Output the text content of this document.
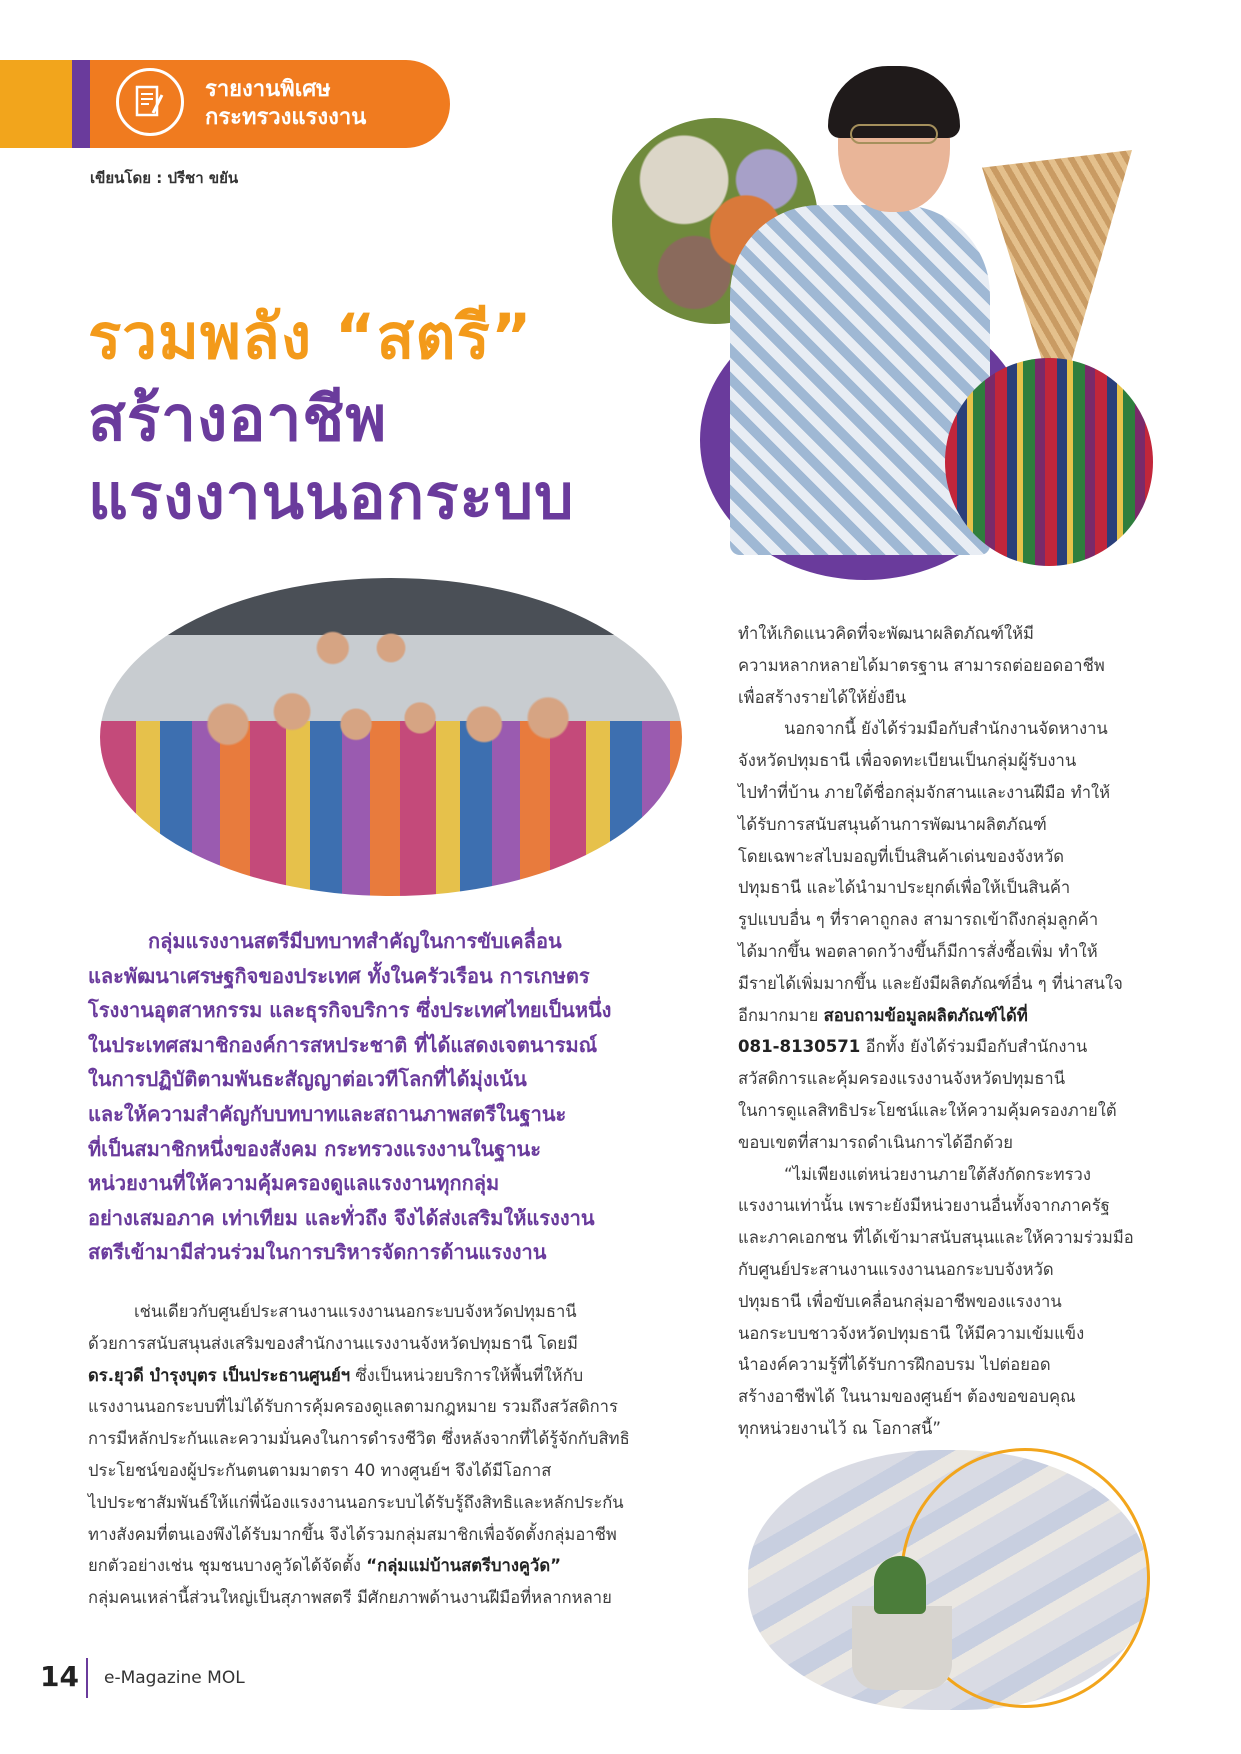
รายงานพิเศษ
กระทรวงแรงงาน
เขียนโดย : ปรีชา ขยัน
รวมพลัง “สตรี”
สร้างอาชีพ
แรงงานนอกระบบ
กลุ่มแรงงานสตรีมีบทบาทสำคัญในการขับเคลื่อน
และพัฒนาเศรษฐกิจของประเทศ ทั้งในครัวเรือน การเกษตร
โรงงานอุตสาหกรรม และธุรกิจบริการ ซึ่งประเทศไทยเป็นหนึ่ง
ในประเทศสมาชิกองค์การสหประชาติ ที่ได้แสดงเจตนารมณ์
ในการปฏิบัติตามพันธะสัญญาต่อเวทีโลกที่ได้มุ่งเน้น
และให้ความสำคัญกับบทบาทและสถานภาพสตรีในฐานะ
ที่เป็นสมาชิกหนึ่งของสังคม กระทรวงแรงงานในฐานะ
หน่วยงานที่ให้ความคุ้มครองดูแลแรงงานทุกกลุ่ม
อย่างเสมอภาค เท่าเทียม และทั่วถึง จึงได้ส่งเสริมให้แรงงาน
สตรีเข้ามามีส่วนร่วมในการบริหารจัดการด้านแรงงาน
เช่นเดียวกับศูนย์ประสานงานแรงงานนอกระบบจังหวัดปทุมธานี
ด้วยการสนับสนุนส่งเสริมของสำนักงานแรงงานจังหวัดปทุมธานี โดยมี
ดร.ยุวดี บำรุงบุตร เป็นประธานศูนย์ฯ ซึ่งเป็นหน่วยบริการให้พื้นที่ให้กับ
แรงงานนอกระบบที่ไม่ได้รับการคุ้มครองดูแลตามกฎหมาย รวมถึงสวัสดิการ
การมีหลักประกันและความมั่นคงในการดำรงชีวิต ซึ่งหลังจากที่ได้รู้จักกับสิทธิ
ประโยชน์ของผู้ประกันตนตามมาตรา 40 ทางศูนย์ฯ จึงได้มีโอกาส
ไปประชาสัมพันธ์ให้แก่พี่น้องแรงงานนอกระบบได้รับรู้ถึงสิทธิและหลักประกัน
ทางสังคมที่ตนเองพึงได้รับมากขึ้น จึงได้รวมกลุ่มสมาชิกเพื่อจัดตั้งกลุ่มอาชีพ
ยกตัวอย่างเช่น ชุมชนบางคูวัดได้จัดตั้ง “กลุ่มแม่บ้านสตรีบางคูวัด”
กลุ่มคนเหล่านี้ส่วนใหญ่เป็นสุภาพสตรี มีศักยภาพด้านงานฝีมือที่หลากหลาย
ทำให้เกิดแนวคิดที่จะพัฒนาผลิตภัณฑ์ให้มี
ความหลากหลายได้มาตรฐาน สามารถต่อยอดอาชีพ
เพื่อสร้างรายได้ให้ยั่งยืน
นอกจากนี้ ยังได้ร่วมมือกับสำนักงานจัดหางาน
จังหวัดปทุมธานี เพื่อจดทะเบียนเป็นกลุ่มผู้รับงาน
ไปทำที่บ้าน ภายใต้ชื่อกลุ่มจักสานและงานฝีมือ ทำให้
ได้รับการสนับสนุนด้านการพัฒนาผลิตภัณฑ์
โดยเฉพาะสไบมอญที่เป็นสินค้าเด่นของจังหวัด
ปทุมธานี และได้นำมาประยุกต์เพื่อให้เป็นสินค้า
รูปแบบอื่น ๆ ที่ราคาถูกลง สามารถเข้าถึงกลุ่มลูกค้า
ได้มากขึ้น พอตลาดกว้างขึ้นก็มีการสั่งซื้อเพิ่ม ทำให้
มีรายได้เพิ่มมากขึ้น และยังมีผลิตภัณฑ์อื่น ๆ ที่น่าสนใจ
อีกมากมาย สอบถามข้อมูลผลิตภัณฑ์ได้ที่
081-8130571 อีกทั้ง ยังได้ร่วมมือกับสำนักงาน
สวัสดิการและคุ้มครองแรงงานจังหวัดปทุมธานี
ในการดูแลสิทธิประโยชน์และให้ความคุ้มครองภายใต้
ขอบเขตที่สามารถดำเนินการได้อีกด้วย
“ไม่เพียงแต่หน่วยงานภายใต้สังกัดกระทรวง
แรงงานเท่านั้น เพราะยังมีหน่วยงานอื่นทั้งจากภาครัฐ
และภาคเอกชน ที่ได้เข้ามาสนับสนุนและให้ความร่วมมือ
กับศูนย์ประสานงานแรงงานนอกระบบจังหวัด
ปทุมธานี เพื่อขับเคลื่อนกลุ่มอาชีพของแรงงาน
นอกระบบชาวจังหวัดปทุมธานี ให้มีความเข้มแข็ง
นำองค์ความรู้ที่ได้รับการฝึกอบรม ไปต่อยอด
สร้างอาชีพได้ ในนามของศูนย์ฯ ต้องขอขอบคุณ
ทุกหน่วยงานไว้ ณ โอกาสนี้”
14 e-Magazine MOL
